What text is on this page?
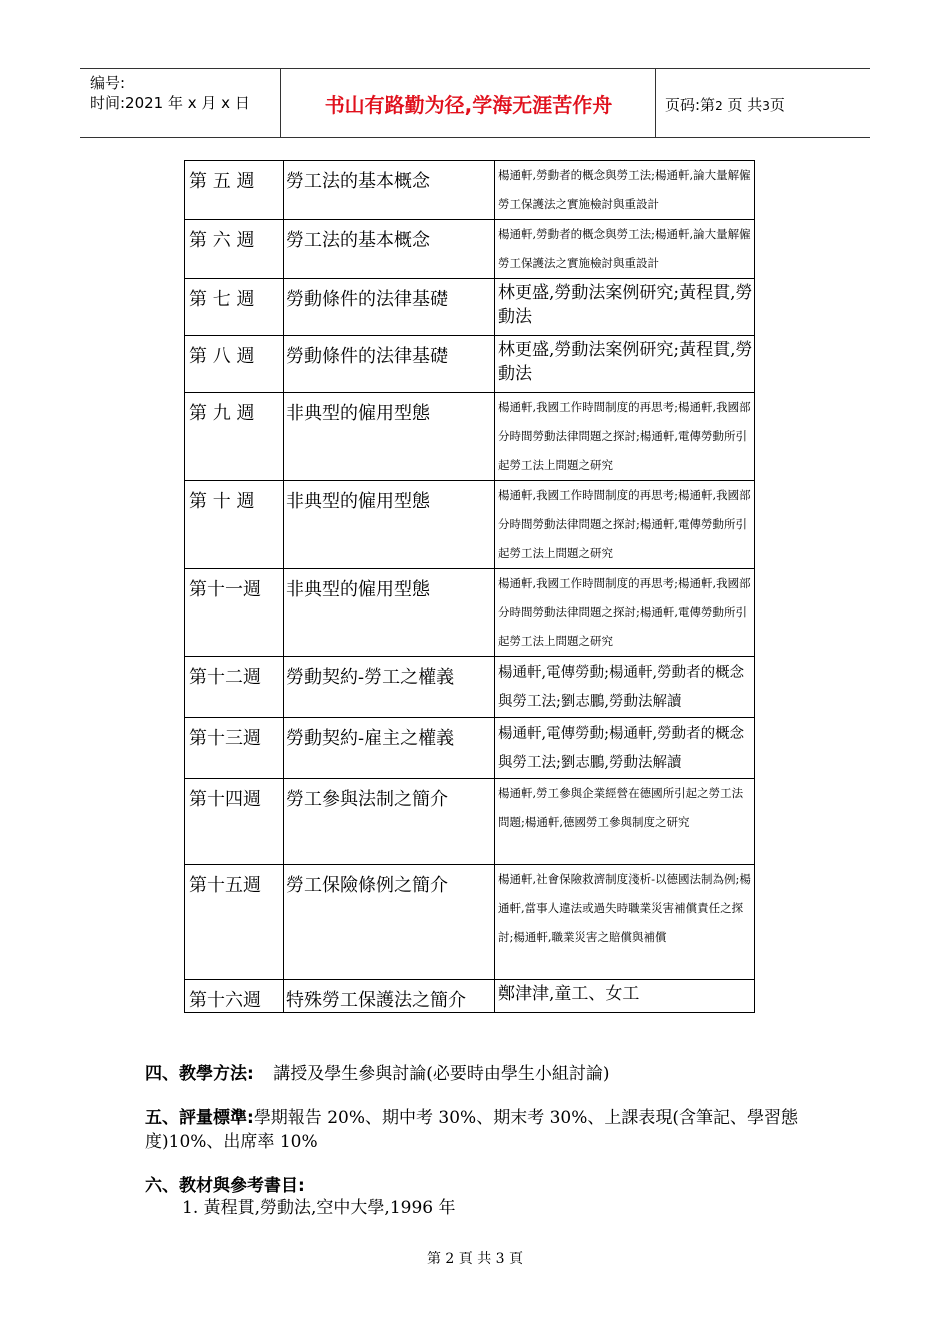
编号:
时间:2021 年 x 月 x 日	书山有路勤为径,学海无涯苦作舟	页码:第2 页 共3页
第 五 週	勞工法的基本概念	楊通軒,勞動者的概念與勞工法;楊通軒,論大量解僱勞工保護法之實施檢討與重設計
第 六 週	勞工法的基本概念	楊通軒,勞動者的概念與勞工法;楊通軒,論大量解僱勞工保護法之實施檢討與重設計
第 七 週	勞動條件的法律基礎	林更盛,勞動法案例研究;黃程貫,勞動法
第 八 週	勞動條件的法律基礎	林更盛,勞動法案例研究;黃程貫,勞動法
第 九 週	非典型的僱用型態	楊通軒,我國工作時間制度的再思考;楊通軒,我國部分時間勞動法律問題之探討;楊通軒,電傳勞動所引起勞工法上問題之研究
第 十 週	非典型的僱用型態	楊通軒,我國工作時間制度的再思考;楊通軒,我國部分時間勞動法律問題之探討;楊通軒,電傳勞動所引起勞工法上問題之研究
第十一週	非典型的僱用型態	楊通軒,我國工作時間制度的再思考;楊通軒,我國部分時間勞動法律問題之探討;楊通軒,電傳勞動所引起勞工法上問題之研究
第十二週	勞動契約-勞工之權義	楊通軒,電傳勞動;楊通軒,勞動者的概念與勞工法;劉志鵬,勞動法解讀
第十三週	勞動契約-雇主之權義	楊通軒,電傳勞動;楊通軒,勞動者的概念與勞工法;劉志鵬,勞動法解讀
第十四週	勞工參與法制之簡介	楊通軒,勞工參與企業經營在德國所引起之勞工法問題;楊通軒,德國勞工參與制度之研究
第十五週	勞工保險條例之簡介	楊通軒,社會保險救濟制度淺析-以德國法制為例;楊通軒,當事人違法或過失時職業災害補償責任之探討;楊通軒,職業災害之賠償與補償
第十六週	特殊勞工保護法之簡介	鄭津津,童工、女工
四、教學方法: 講授及學生參與討論(必要時由學生小組討論)
五、評量標準:學期報告 20%、期中考 30%、期末考 30%、上課表現(含筆記、學習態度)10%、出席率 10%
六、教材與參考書目:
1. 黃程貫,勞動法,空中大學,1996 年
第 2 頁 共 3 頁
